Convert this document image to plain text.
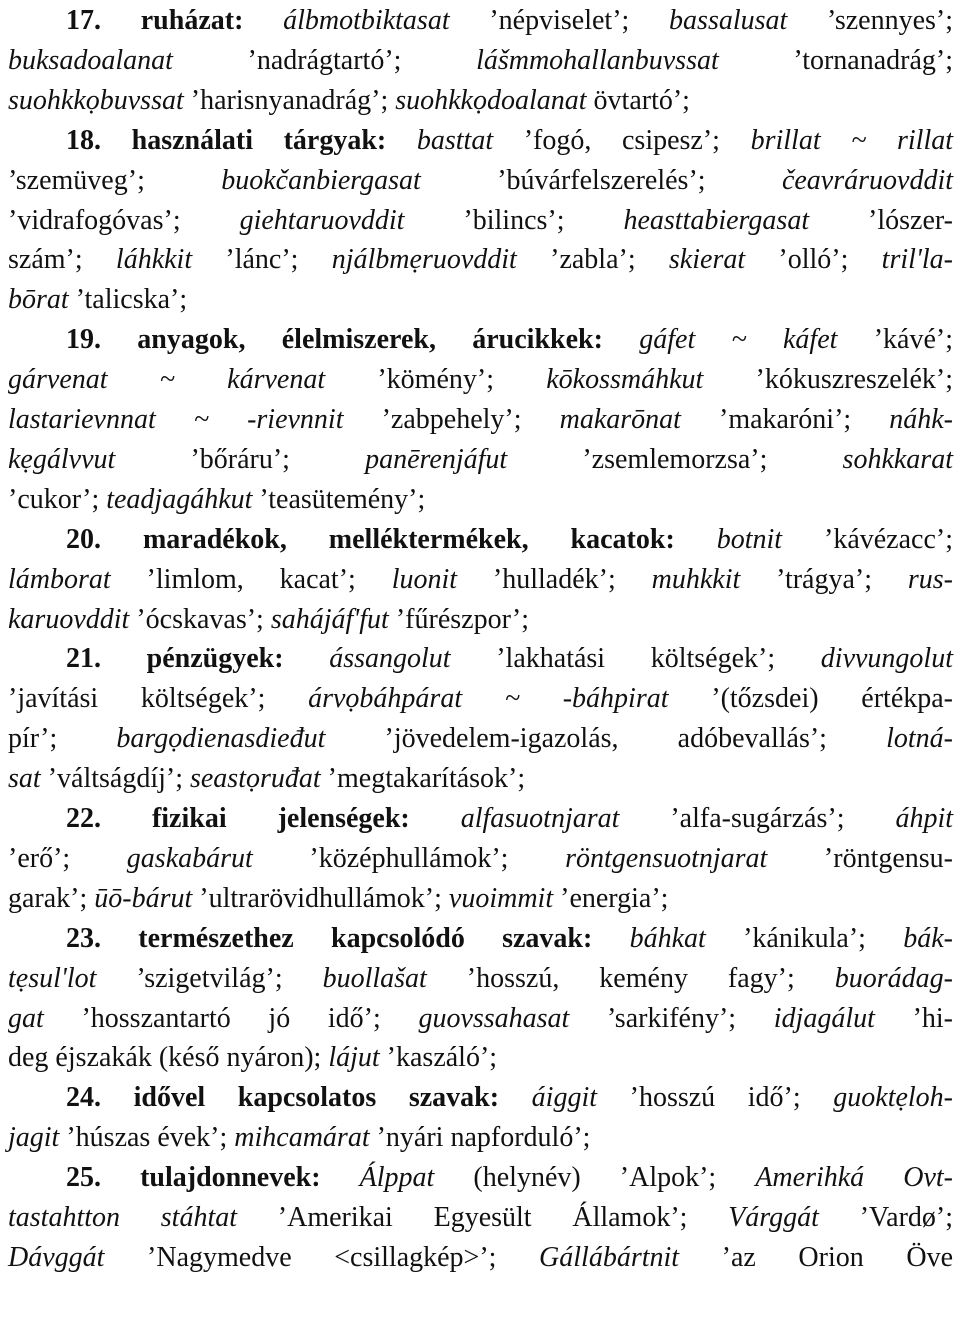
17. ruházat: álbmotbiktasat ’népviselet’; bassalusat ’szennyes’;
buksadoalanat ’nadrágtartó’; lášmmohallanbuvssat ’tornanadrág’;
suohkkọbuvssat ’harisnyanadrág’; suohkkọdoalanat övtartó’;
18. használati tárgyak: basttat ’fogó, csipesz’; brillat ~ rillat
’szemüveg’; buokčanbiergasat ’búvárfelszerelés’; čeavráruovddit
’vidrafogóvas’; giehtaruovddit ’bilincs’; heasttabiergasat ’lószer-
szám’; láhkkit ’lánc’; njálbmẹruovddit ’zabla’; skierat ’olló’; tril'la-
bōrat ’talicska’;
19. anyagok, élelmiszerek, árucikkek: gáfet ~ káfet ’kávé’;
gárvenat ~ kárvenat ’kömény’; kōkossmáhkut ’kókuszreszelék’;
lastarievnnat ~ -rievnnit ’zabpehely’; makarōnat ’makaróni’; náhk-
kẹgálvvut ’bőráru’; panērenjáfut ’zsemlemorzsa’; sohkkarat
’cukor’; teadjagáhkut ’teasütemény’;
20. maradékok, melléktermékek, kacatok: botnit ’kávézacc’;
lámborat ’limlom, kacat’; luonit ’hulladék’; muhkkit ’trágya’; rus-
karuovddit ’ócskavas’; saháјáf'fut ’fűrészpor’;
21. pénzügyek: ássangolut ’lakhatási költségek’; divvungolut
’javítási költségek’; árvọbáhpárat ~ -báhpirat ’(tőzsdei) értékpa-
pír’; bargọdienasdieđut ’jövedelem-igazolás, adóbevallás’; lotná-
sat ’váltságdíj’; seastọruđat ’megtakarítások’;
22. fizikai jelenségek: alfasuotnjarat ’alfa-sugárzás’; áhpit
’erő’; gaskabárut ’középhullámok’; röntgensuotnjarat ’röntgensu-
garak’; ūō-bárut ’ultrarövidhullámok’; vuoimmit ’energia’;
23. természethez kapcsolódó szavak: báhkat ’kánikula’; bák-
tẹsul'lot ’szigetvilág’; buollašat ’hosszú, kemény fagy’; buorádag-
gat ’hosszantartó jó idő’; guovssahasat ’sarkifény’; idjagálut ’hi-
deg éjszakák (késő nyáron); lájut ’kaszáló’;
24. idővel kapcsolatos szavak: áiggit ’hosszú idő’; guoktẹloh-
jagit ’húszas évek’; mihcamárat ’nyári napforduló’;
25. tulajdonnevek: Álppat (helynév) ’Alpok’; Amerihká Ovt-
tastahtton stáhtat ’Amerikai Egyesült Államok’; Várggát ’Vardø’;
Dávggát ’Nagymedve <csillagkép>’; Gállábártnit ’az Orion Öve
